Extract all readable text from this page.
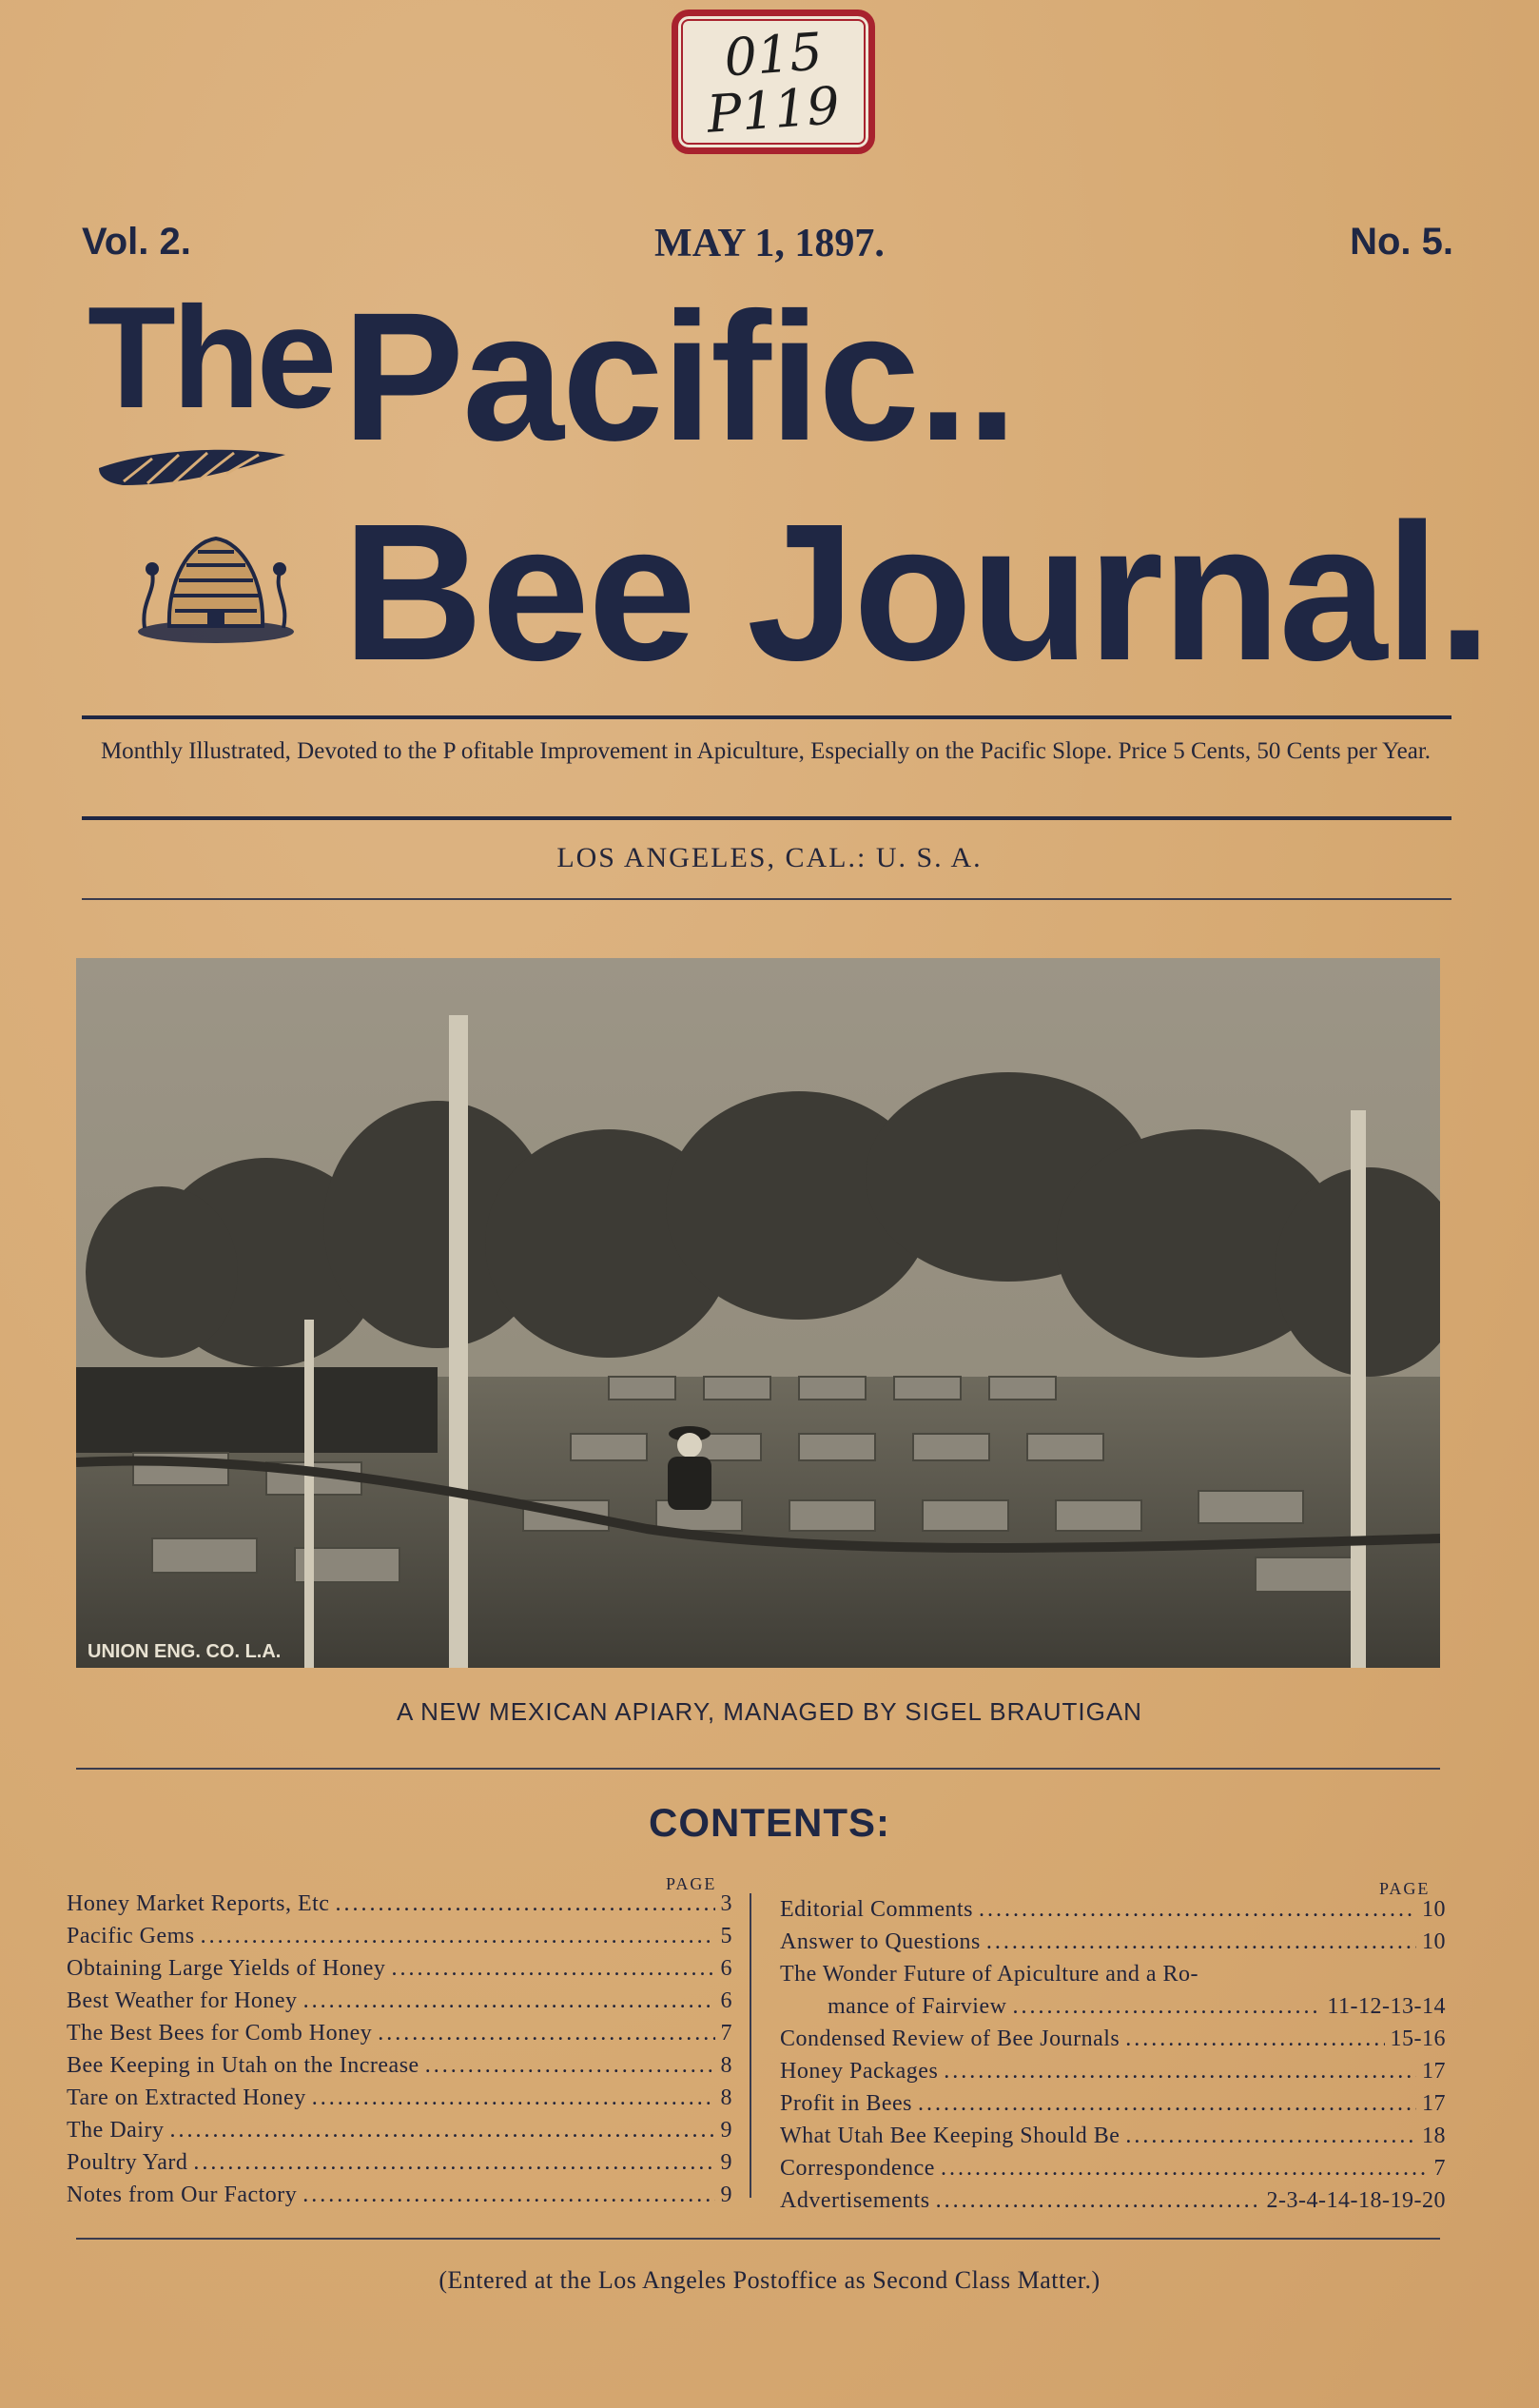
015
P119
Vol. 2.	MAY 1, 1897.	No. 5.
The Pacific..
Bee Journal.
Monthly Illustrated, Devoted to the P ofitable Improvement in Apiculture, Especially on the Pacific Slope. Price 5 Cents, 50 Cents per Year.
LOS ANGELES, CAL.: U. S. A.
UNION ENG. CO. L.A.
A NEW MEXICAN APIARY, MANAGED BY SIGEL BRAUTIGAN
CONTENTS:
PAGE	PAGE
Honey Market Reports, Etc .....	3
Pacific Gems .....	5
Obtaining Large Yields of Honey .....	6
Best Weather for Honey .....	6
The Best Bees for Comb Honey .....	7
Bee Keeping in Utah on the Increase .....	8
Tare on Extracted Honey .....	8
The Dairy .....	9
Poultry Yard .....	9
Notes from Our Factory .....	9
Editorial Comments .....	10
Answer to Questions .....	10
The Wonder Future of Apiculture and a Ro-
mance of Fairview .....	11-12-13-14
Condensed Review of Bee Journals .....	15-16
Honey Packages .....	17
Profit in Bees .....	17
What Utah Bee Keeping Should Be .....	18
Correspondence .....	7
Advertisements .....	2-3-4-14-18-19-20
(Entered at the Los Angeles Postoffice as Second Class Matter.)
